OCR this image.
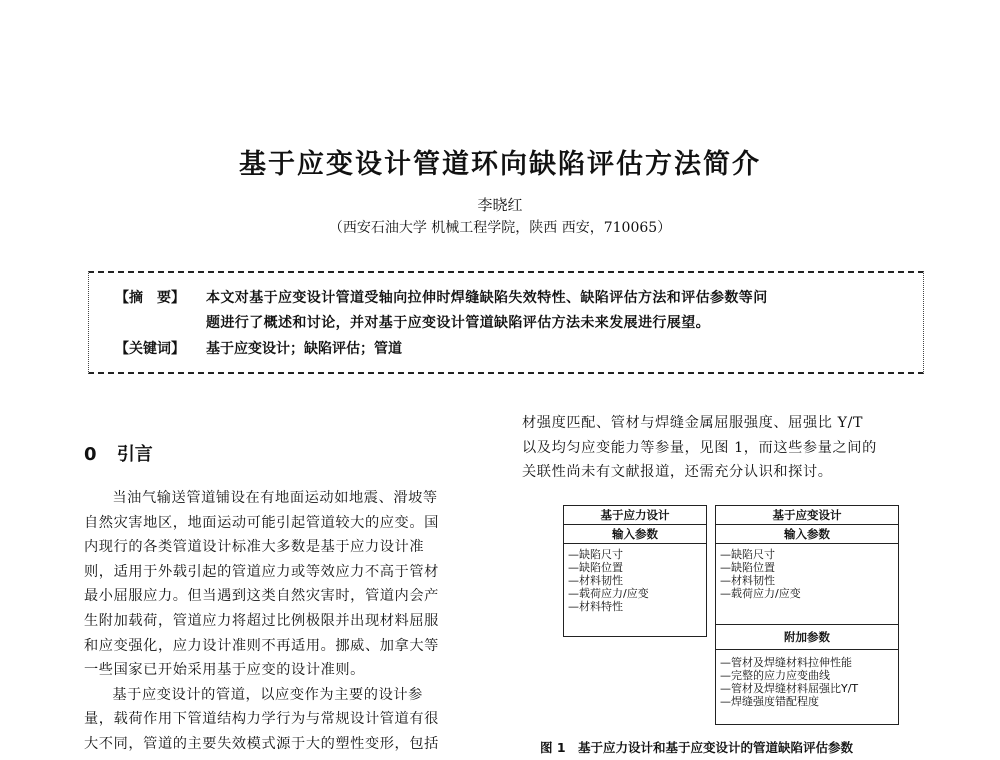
基于应变设计管道环向缺陷评估方法简介
李晓红
（西安石油大学 机械工程学院，陕西 西安，710065）
【摘　要】 本文对基于应变设计管道受轴向拉伸时焊缝缺陷失效特性、缺陷评估方法和评估参数等问
题进行了概述和讨论，并对基于应变设计管道缺陷评估方法未来发展进行展望。
【关键词】 基于应变设计；缺陷评估；管道
0 引言
当油气输送管道铺设在有地面运动如地震、滑坡等
自然灾害地区，地面运动可能引起管道较大的应变。国
内现行的各类管道设计标准大多数是基于应力设计准
则，适用于外载引起的管道应力或等效应力不高于管材
最小屈服应力。但当遇到这类自然灾害时，管道内会产
生附加载荷，管道应力将超过比例极限并出现材料屈服
和应变强化，应力设计准则不再适用。挪威、加拿大等
一些国家已开始采用基于应变的设计准则。
基于应变设计的管道，以应变作为主要的设计参
量，载荷作用下管道结构力学行为与常规设计管道有很
大不同，管道的主要失效模式源于大的塑性变形，包括
材强度匹配、管材与焊缝金属屈服强度、屈强比 Y/T
以及均匀应变能力等参量，见图 1，而这些参量之间的
关联性尚未有文献报道，还需充分认识和探讨。
基于应力设计
输入参数
—缺陷尺寸
—缺陷位置
—材料韧性
—载荷应力/应变
—材料特性
基于应变设计
输入参数
—缺陷尺寸
—缺陷位置
—材料韧性
—载荷应力/应变
附加参数
—管材及焊缝材料拉伸性能
—完整的应力应变曲线
—管材及焊缝材料屈强比Y/T
—焊缝强度错配程度
图 1　基于应力设计和基于应变设计的管道缺陷评估参数
